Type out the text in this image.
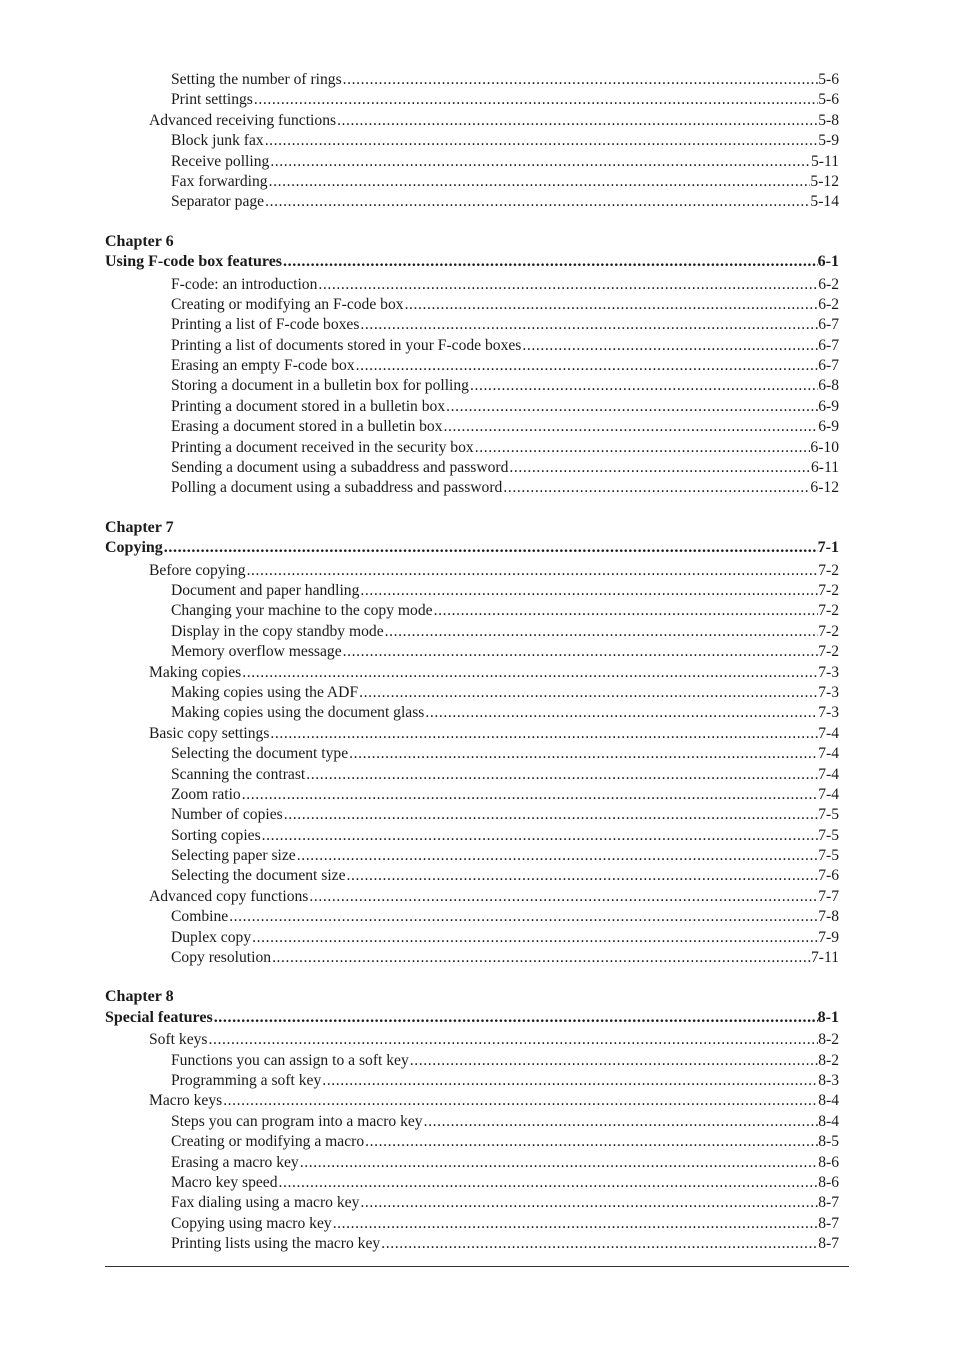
Setting the number of rings .....	5-6
Print settings .....	5-6
Advanced receiving functions .....	5-8
Block junk fax .....	5-9
Receive polling .....	5-11
Fax forwarding .....	5-12
Separator page .....	5-14
Chapter 6
Using F-code box features .....	6-1
F-code: an introduction .....	6-2
Creating or modifying an F-code box .....	6-2
Printing a list of F-code boxes .....	6-7
Printing a list of documents stored in your F-code boxes .....	6-7
Erasing an empty F-code box .....	6-7
Storing a document in a bulletin box for polling .....	6-8
Printing a document stored in a bulletin box .....	6-9
Erasing a document stored in a bulletin box .....	6-9
Printing a document received in the security box .....	6-10
Sending a document using a subaddress and password .....	6-11
Polling a document using a subaddress and password .....	6-12
Chapter 7
Copying .....	7-1
Before copying .....	7-2
Document and paper handling .....	7-2
Changing your machine to the copy mode .....	7-2
Display in the copy standby mode .....	7-2
Memory overflow message .....	7-2
Making copies .....	7-3
Making copies using the ADF .....	7-3
Making copies using the document glass .....	7-3
Basic copy settings .....	7-4
Selecting the document type .....	7-4
Scanning the contrast .....	7-4
Zoom ratio .....	7-4
Number of copies .....	7-5
Sorting copies .....	7-5
Selecting paper size .....	7-5
Selecting the document size .....	7-6
Advanced copy functions .....	7-7
Combine .....	7-8
Duplex copy .....	7-9
Copy resolution .....	7-11
Chapter 8
Special features .....	8-1
Soft keys .....	8-2
Functions you can assign to a soft key .....	8-2
Programming a soft key .....	8-3
Macro keys .....	8-4
Steps you can program into a macro key .....	8-4
Creating or modifying a macro .....	8-5
Erasing a macro key .....	8-6
Macro key speed .....	8-6
Fax dialing using a macro key .....	8-7
Copying using macro key .....	8-7
Printing lists using the macro key .....	8-7
